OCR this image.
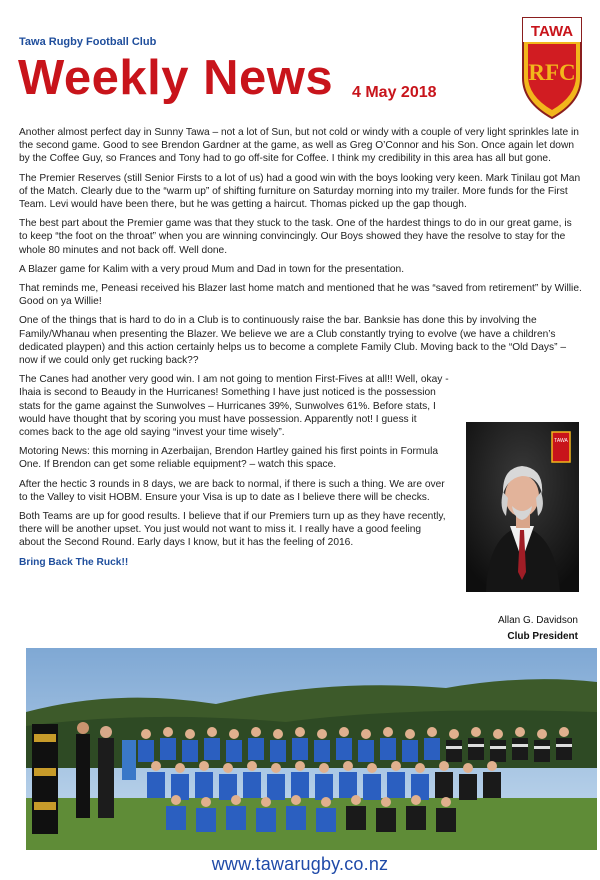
Tawa Rugby Football Club
Weekly News 4 May 2018
TAWA
RFC

Another almost perfect day in Sunny Tawa – not a lot of Sun, but not cold or windy with a couple of very light sprinkles late in the second game. Good to see Brendon Gardner at the game, as well as Greg O’Connor and his Son. Once again let down by the Coffee Guy, so Frances and Tony had to go off-site for Coffee. I think my credibility in this area has all but gone.

The Premier Reserves (still Senior Firsts to a lot of us) had a good win with the boys looking very keen. Mark Tinilau got Man of the Match. Clearly due to the “warm up” of shifting furniture on Saturday morning into my trailer. More funds for the First Team. Levi would have been there, but he was getting a haircut. Thomas picked up the gap though.

The best part about the Premier game was that they stuck to the task. One of the hardest things to do in our great game, is to keep “the foot on the throat” when you are winning convincingly. Our Boys showed they have the resolve to stay for the whole 80 minutes and not back off. Well done.

A Blazer game for Kalim with a very proud Mum and Dad in town for the presentation.

That reminds me, Peneasi received his Blazer last home match and mentioned that he was “saved from retirement” by Willie. Good on ya Willie!

One of the things that is hard to do in a Club is to continuously raise the bar. Banksie has done this by involving the Family/Whanau when presenting the Blazer. We believe we are a Club constantly trying to evolve (we have a children’s dedicated playpen) and this action certainly helps us to become a complete Family Club. Moving back to the “Old Days” – now if we could only get rucking back??

The Canes had another very good win. I am not going to mention First-Fives at all!! Well, okay - Ihaia is second to Beaudy in the Hurricanes! Something I have just noticed is the possession stats for the game against the Sunwolves – Hurricanes 39%, Sunwolves 61%. Before stats, I would have thought that by scoring you must have possession. Apparently not! I guess it comes back to the age old saying “invest your time wisely”.

Motoring News: this morning in Azerbaijan, Brendon Hartley gained his first points in Formula One. If Brendon can get some reliable equipment? – watch this space.

After the hectic 3 rounds in 8 days, we are back to normal, if there is such a thing. We are over to the Valley to visit HOBM. Ensure your Visa is up to date as I believe there will be checks.

Both Teams are up for good results. I believe that if our Premiers turn up as they have recently, there will be another upset. You just would not want to miss it. I really have a good feeling about the Second Round. Early days I know, but it has the feeling of 2016.

Bring Back The Ruck!!

TAWA
Allan G. Davidson
Club President
www.tawarugby.co.nz
